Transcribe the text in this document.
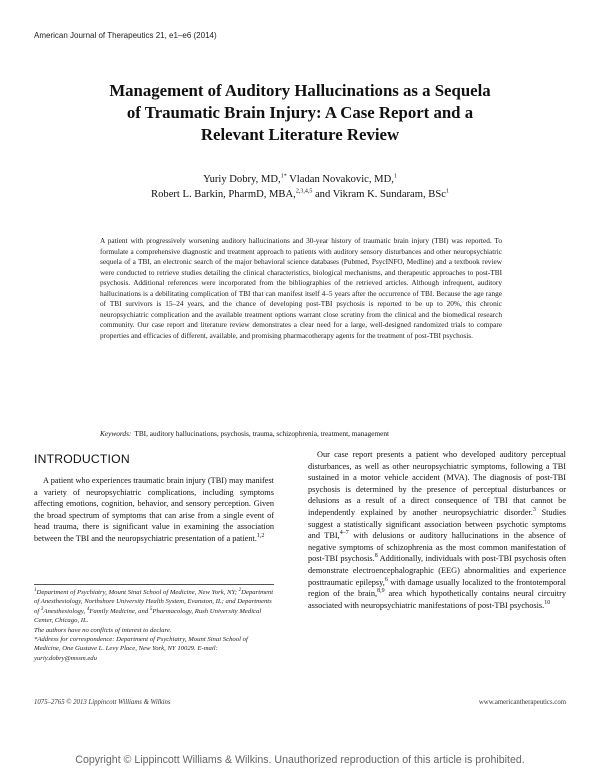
American Journal of Therapeutics 21, e1–e6 (2014)
Management of Auditory Hallucinations as a Sequela
of Traumatic Brain Injury: A Case Report and a
Relevant Literature Review
Yuriy Dobry, MD,$^{1*}$ Vladan Novakovic, MD,$^1$
Robert L. Barkin, PharmD, MBA,$^{2,3,4,5}$ and Vikram K. Sundaram, BSc$^1$

A patient with progressively worsening auditory hallucinations and 30-year history of traumatic brain injury (TBI) was reported. To formulate a comprehensive diagnostic and treatment approach to patients with auditory sensory disturbances and other neuropsychiatric sequela of a TBI, an electronic search of the major behavioral science databases (Pubmed, PsycINFO, Medline) and a textbook review were conducted to retrieve studies detailing the clinical characteristics, biological mechanisms, and therapeutic approaches to post-TBI psychosis. Additional references were incorporated from the bibliographies of the retrieved articles. Although infrequent, auditory hallucinations is a debilitating complication of TBI that can manifest itself 4–5 years after the occurrence of TBI. Because the age range of TBI survivors is 15–24 years, and the chance of developing post-TBI psychosis is reported to be up to 20%, this chronic neuropsychiatric complication and the available treatment options warrant close scrutiny from the clinical and the biomedical research community. Our case report and literature review demonstrates a clear need for a large, well-designed randomized trials to compare properties and efficacies of different, available, and promising pharmacotherapy agents for the treatment of post-TBI psychosis.

Keywords: TBI, auditory hallucinations, psychosis, trauma, schizophrenia, treatment, management
INTRODUCTION

A patient who experiences traumatic brain injury (TBI) may manifest a variety of neuropsychiatric complications, including symptoms affecting emotions, cognition, behavior, and sensory perception. Given the broad spectrum of symptoms that can arise from a single event of head trauma, there is significant value in examining the association between the TBI and the neuropsychiatric presentation of a patient.$^{1,2}$

Our case report presents a patient who developed auditory perceptual disturbances, as well as other neuropsychiatric symptoms, following a TBI sustained in a motor vehicle accident (MVA). The diagnosis of post-TBI psychosis is determined by the presence of perceptual disturbances or delusions as a result of a direct consequence of TBI that cannot be independently explained by another neuropsychiatric disorder.$^3$ Studies suggest a statistically significant association between psychotic symptoms and TBI,$^{4-7}$ with delusions or auditory hallucinations in the absence of negative symptoms of schizophrenia as the most common manifestation of post-TBI psychosis.$^8$ Additionally, individuals with post-TBI psychosis often demonstrate electroencephalographic (EEG) abnormalities and experience posttraumatic epilepsy,$^6$ with damage usually localized to the frontotemporal region of the brain,$^{8,9}$ area which hypothetically contains neural circuitry associated with neuropsychiatric manifestations of post-TBI psychosis.$^{10}$

$^1$Department of Psychiatry, Mount Sinai School of Medicine, New York, NY; $^2$Department of Anesthesiology, Northshore University Health System, Evanston, IL; and Departments of $^3$Anesthesiology, $^4$Family Medicine, and $^5$Pharmacology, Rush University Medical Center, Chicago, IL.

The authors have no conflicts of interest to declare.

*Address for correspondence: Department of Psychiatry, Mount Sinai School of Medicine, One Gustave L. Levy Place, New York, NY 10029. E-mail: yuriy.dobry@mssm.edu

1075–2765 © 2013 Lippincott Williams & Wilkins	www.americantherapeutics.com
Copyright © Lippincott Williams & Wilkins. Unauthorized reproduction of this article is prohibited.
